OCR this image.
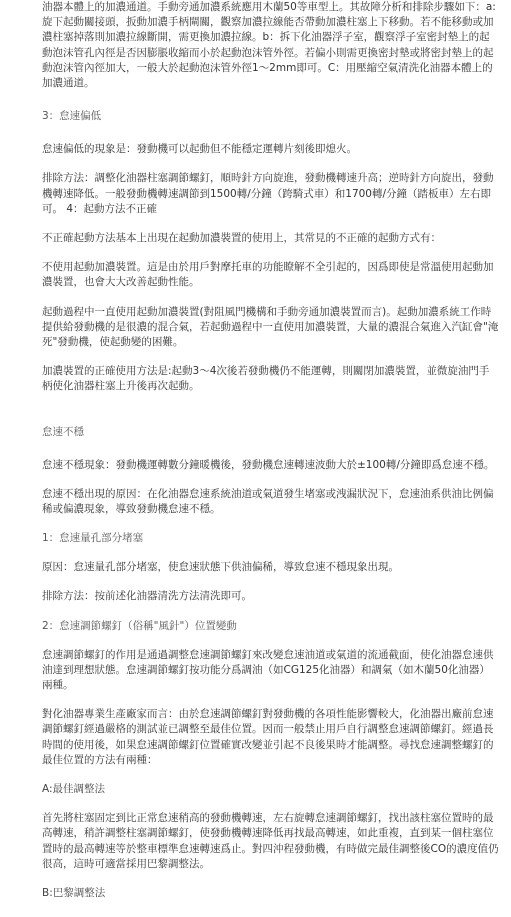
油器本體上的加濃通道。手動旁通加濃系統應用木蘭50等車型上。其故障分析和排除步驟如下：a:旋下起動關接頭，扳動加濃手柄閘關，觀察加濃拉線能否帶動加濃柱塞上下移動。若不能移動或加濃柱塞掉落則加濃拉線斷開，需更換加濃拉線。b：拆下化油器浮子室，觀察浮子室密封墊上的起動泡沫管孔內徑是否因膨脹收縮而小於起動泡沫管外徑。若偏小則需更換密封墊或將密封墊上的起動泡沫管內徑加大，一般大於起動泡沫管外徑1～2mm即可。C：用壓縮空氣清洗化油器本體上的加濃通道。

3：怠速偏低

怠速偏低的現象是：發動機可以起動但不能穩定運轉片刻後即熄火。

排除方法：調整化油器柱塞調節螺釘，順時針方向旋進，發動機轉速升高；逆時針方向旋出，發動機轉速降低。一般發動機轉速調節到1500轉/分鐘（跨騎式車）和1700轉/分鐘（踏板車）左右即可。 4：起動方法不正確

不正確起動方法基本上出現在起動加濃裝置的使用上，其常見的不正確的起動方式有：

不使用起動加濃裝置。這是由於用戶對摩托車的功能瞭解不全引起的，因爲即使是常溫使用起動加濃裝置，也會大大改善起動性能。

起動過程中一直使用起動加濃裝置(對阻風門機構和手動旁通加濃裝置而言)。起動加濃系統工作時提供給發動機的是很濃的混合氣，若起動過程中一直使用加濃裝置，大量的濃混合氣進入汽缸會"淹死"發動機，使起動變的困難。

加濃裝置的正確使用方法是:起動3～4次後若發動機仍不能運轉，則關閉加濃裝置，並微旋油門手柄使化油器柱塞上升後再次起動。

怠速不穩

怠速不穩現象：發動機運轉數分鐘暖機後，發動機怠速轉速波動大於±100轉/分鐘即爲怠速不穩。

怠速不穩出現的原因：在化油器怠速系統油道或氣道發生堵塞或洩漏狀況下，怠速油系供油比例偏稀或偏濃現象，導致發動機怠速不穩。

1：怠速量孔部分堵塞

原因：怠速量孔部分堵塞，使怠速狀態下供油偏稀，導致怠速不穩現象出現。

排除方法：按前述化油器清洗方法清洗即可。

2：怠速調節螺釘（俗稱"風針"）位置變動

怠速調節螺釘的作用是通過調整怠速調節螺釘來改變怠速油道或氣道的流通截面，使化油器怠速供油達到理想狀態。怠速調節螺釘按功能分爲調油（如CG125化油器）和調氣（如木蘭50化油器）兩種。

對化油器專業生產廠家而言：由於怠速調節螺釘對發動機的各項性能影響較大，化油器出廠前怠速調節螺釘經過嚴格的測試並已調整至最佳位置。因而一般禁止用戶自行調整怠速調節螺釘。經過長時間的使用後，如果怠速調節螺釘位置確實改變並引起不良後果時才能調整。尋找怠速調整螺釘的最佳位置的方法有兩種：

A:最佳調整法

首先將柱塞固定到比正常怠速稍高的發動機轉速，左右旋轉怠速調節螺釘，找出該柱塞位置時的最高轉速，稍許調整柱塞調節螺釘，使發動機轉速降低再找最高轉速，如此重複，直到某一個柱塞位置時的最高轉速等於整車標準怠速轉速爲止。對四沖程發動機，有時做完最佳調整後CO的濃度值仍很高，這時可適當採用巴黎調整法。

B:巴黎調整法
